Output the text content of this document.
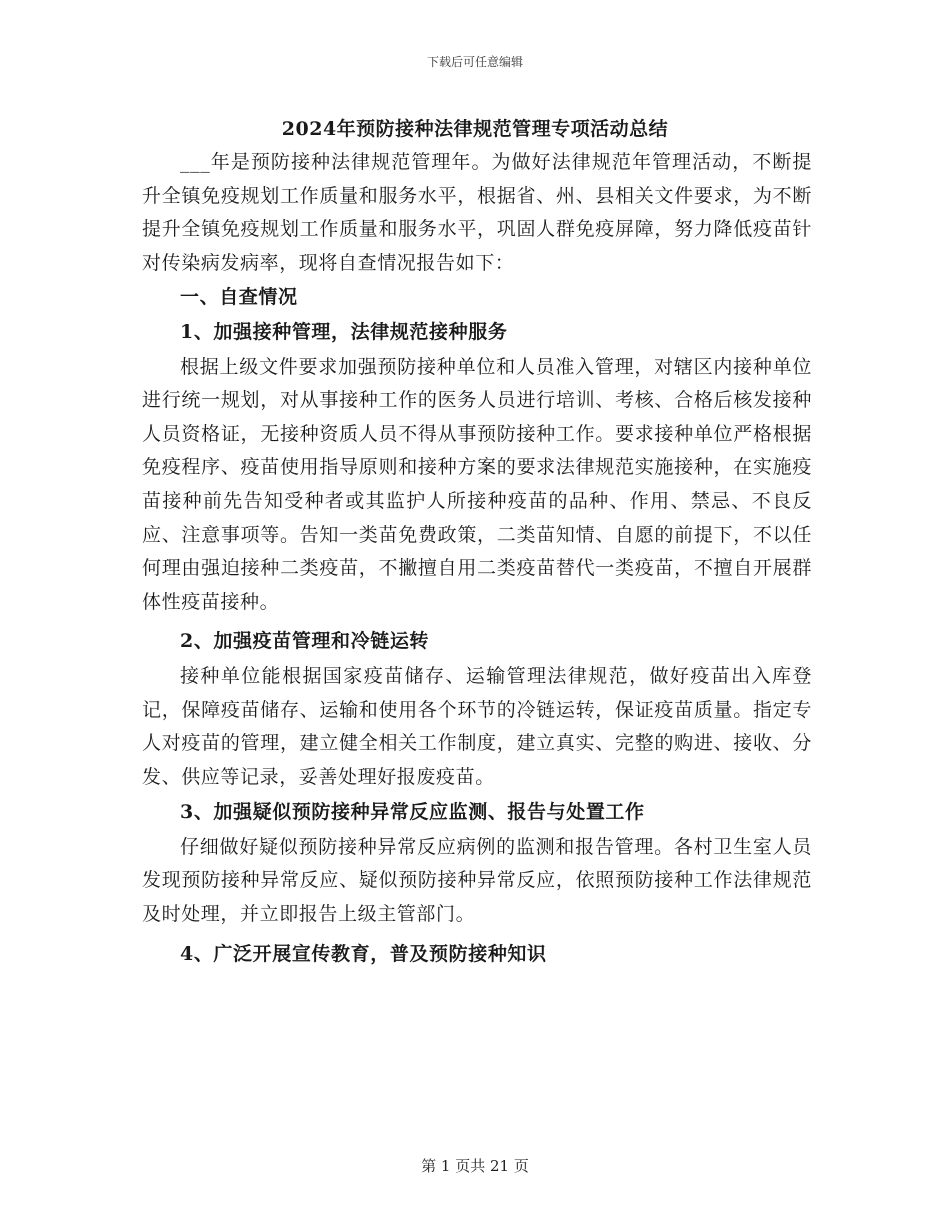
下载后可任意编辑
2024年预防接种法律规范管理专项活动总结

___年是预防接种法律规范管理年。为做好法律规范年管理活动，不断提升全镇免疫规划工作质量和服务水平，根据省、州、县相关文件要求，为不断提升全镇免疫规划工作质量和服务水平，巩固人群免疫屏障，努力降低疫苗针对传染病发病率，现将自查情况报告如下：

一、自查情况

1、加强接种管理，法律规范接种服务

根据上级文件要求加强预防接种单位和人员准入管理，对辖区内接种单位进行统一规划，对从事接种工作的医务人员进行培训、考核、合格后核发接种人员资格证，无接种资质人员不得从事预防接种工作。要求接种单位严格根据免疫程序、疫苗使用指导原则和接种方案的要求法律规范实施接种，在实施疫苗接种前先告知受种者或其监护人所接种疫苗的品种、作用、禁忌、不良反应、注意事项等。告知一类苗免费政策，二类苗知情、自愿的前提下，不以任何理由强迫接种二类疫苗，不撇擅自用二类疫苗替代一类疫苗，不擅自开展群体性疫苗接种。

2、加强疫苗管理和冷链运转

接种单位能根据国家疫苗储存、运输管理法律规范，做好疫苗出入库登记，保障疫苗储存、运输和使用各个环节的冷链运转，保证疫苗质量。指定专人对疫苗的管理，建立健全相关工作制度，建立真实、完整的购进、接收、分发、供应等记录，妥善处理好报废疫苗。

3、加强疑似预防接种异常反应监测、报告与处置工作

仔细做好疑似预防接种异常反应病例的监测和报告管理。各村卫生室人员发现预防接种异常反应、疑似预防接种异常反应，依照预防接种工作法律规范及时处理，并立即报告上级主管部门。

4、广泛开展宣传教育，普及预防接种知识

第 1 页共 21 页
